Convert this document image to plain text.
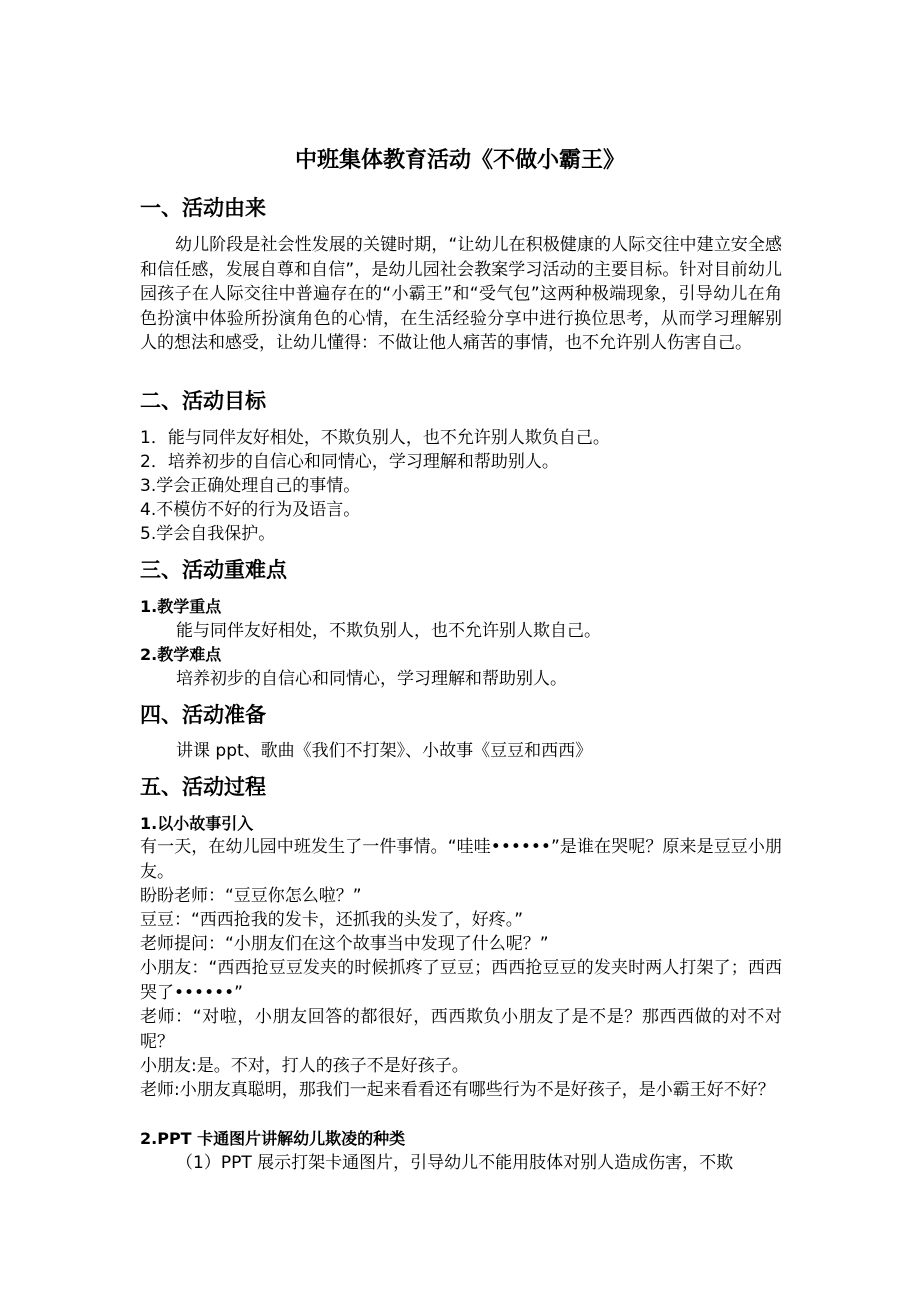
中班集体教育活动《不做小霸王》
一、活动由来
幼儿阶段是社会性发展的关键时期，“让幼儿在积极健康的人际交往中建立安全感和信任感，发展自尊和自信”，是幼儿园社会教案学习活动的主要目标。针对目前幼儿园孩子在人际交往中普遍存在的“小霸王”和“受气包”这两种极端现象，引导幼儿在角色扮演中体验所扮演角色的心情，在生活经验分享中进行换位思考，从而学习理解别人的想法和感受，让幼儿懂得：不做让他人痛苦的事情，也不允许别人伤害自己。
二、活动目标
1．能与同伴友好相处，不欺负别人，也不允许别人欺负自己。
2．培养初步的自信心和同情心，学习理解和帮助别人。
3.学会正确处理自己的事情。
4.不模仿不好的行为及语言。
5.学会自我保护。
三、活动重难点
1.教学重点
能与同伴友好相处，不欺负别人，也不允许别人欺自己。
2.教学难点
培养初步的自信心和同情心，学习理解和帮助别人。
四、活动准备
讲课 ppt、歌曲《我们不打架》、小故事《豆豆和西西》
五、活动过程
1.以小故事引入
有一天，在幼儿园中班发生了一件事情。“哇哇••••••”是谁在哭呢？原来是豆豆小朋友。
盼盼老师：“豆豆你怎么啦？”
豆豆：“西西抢我的发卡，还抓我的头发了，好疼。”
老师提问：“小朋友们在这个故事当中发现了什么呢？”
小朋友：“西西抢豆豆发夹的时候抓疼了豆豆；西西抢豆豆的发夹时两人打架了；西西哭了••••••”
老师：“对啦，小朋友回答的都很好，西西欺负小朋友了是不是？那西西做的对不对呢？
小朋友:是。不对，打人的孩子不是好孩子。
老师:小朋友真聪明，那我们一起来看看还有哪些行为不是好孩子，是小霸王好不好？
2.PPT 卡通图片讲解幼儿欺凌的种类
（1）PPT 展示打架卡通图片，引导幼儿不能用肢体对别人造成伤害，不欺
